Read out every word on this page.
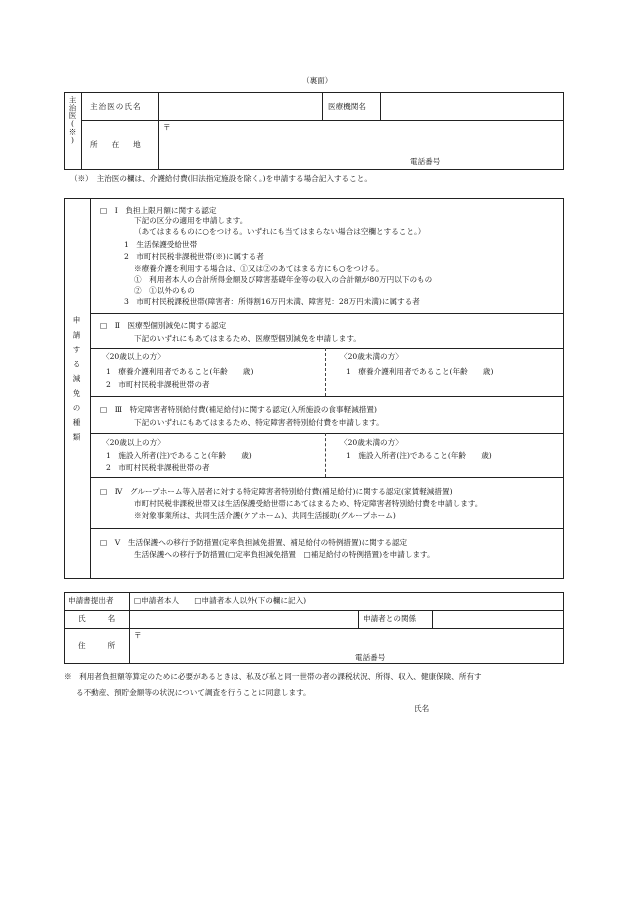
（裏面）
主治医(※) 主治医の氏名	医療機関名
所在地
〒
電話番号
（※）　主治医の欄は、介護給付費(旧法指定施設を除く。)を申請する場合記入すること。
申請する減免の種類
□　Ⅰ　負担上限月額に関する認定
下記の区分の適用を申請します。
（あてはまるものに○をつける。いずれにも当てはまらない場合は空欄とすること。）
1　生活保護受給世帯
2　市町村民税非課税世帯(※)に属する者
※療養介護を利用する場合は、①又は②のあてはまる方にも○をつける。
①　利用者本人の合計所得金額及び障害基礎年金等の収入の合計額が80万円以下のもの
②　①以外のもの
3　市町村民税課税世帯(障害者：所得割16万円未満、障害児：28万円未満)に属する者
□　Ⅱ　医療型個別減免に関する認定
下記のいずれにもあてはまるため、医療型個別減免を申請します。
〈20歳以上の方〉
1　療養介護利用者であること(年齢　　歳)
2　市町村民税非課税世帯の者
〈20歳未満の方〉
1　療養介護利用者であること(年齢　　歳)
□　Ⅲ　特定障害者特別給付費(補足給付)に関する認定(入所施設の食事軽減措置)
下記のいずれにもあてはまるため、特定障害者特別給付費を申請します。
〈20歳以上の方〉
1　施設入所者(注)であること(年齢　　歳)
2　市町村民税非課税世帯の者
〈20歳未満の方〉
1　施設入所者(注)であること(年齢　　歳)
□　Ⅳ　グループホーム等入居者に対する特定障害者特別給付費(補足給付)に関する認定(家賃軽減措置)
市町村民税非課税世帯又は生活保護受給世帯にあてはまるため、特定障害者特別給付費を申請します。
※対象事業所は、共同生活介護(ケアホーム)、共同生活援助(グループホーム)
□　Ⅴ　生活保護への移行予防措置(定率負担減免措置、補足給付の特例措置)に関する認定
生活保護への移行予防措置(□定率負担減免措置　□補足給付の特例措置)を申請します。
申請書提出者	□申請者本人　　□申請者本人以外(下の欄に記入)
氏名	申請者との関係
住所
〒
電話番号
※　利用者負担額等算定のために必要があるときは、私及び私と同一世帯の者の課税状況、所得、収入、健康保険、所有す
る不動産、預貯金額等の状況について調査を行うことに同意します。
氏名
